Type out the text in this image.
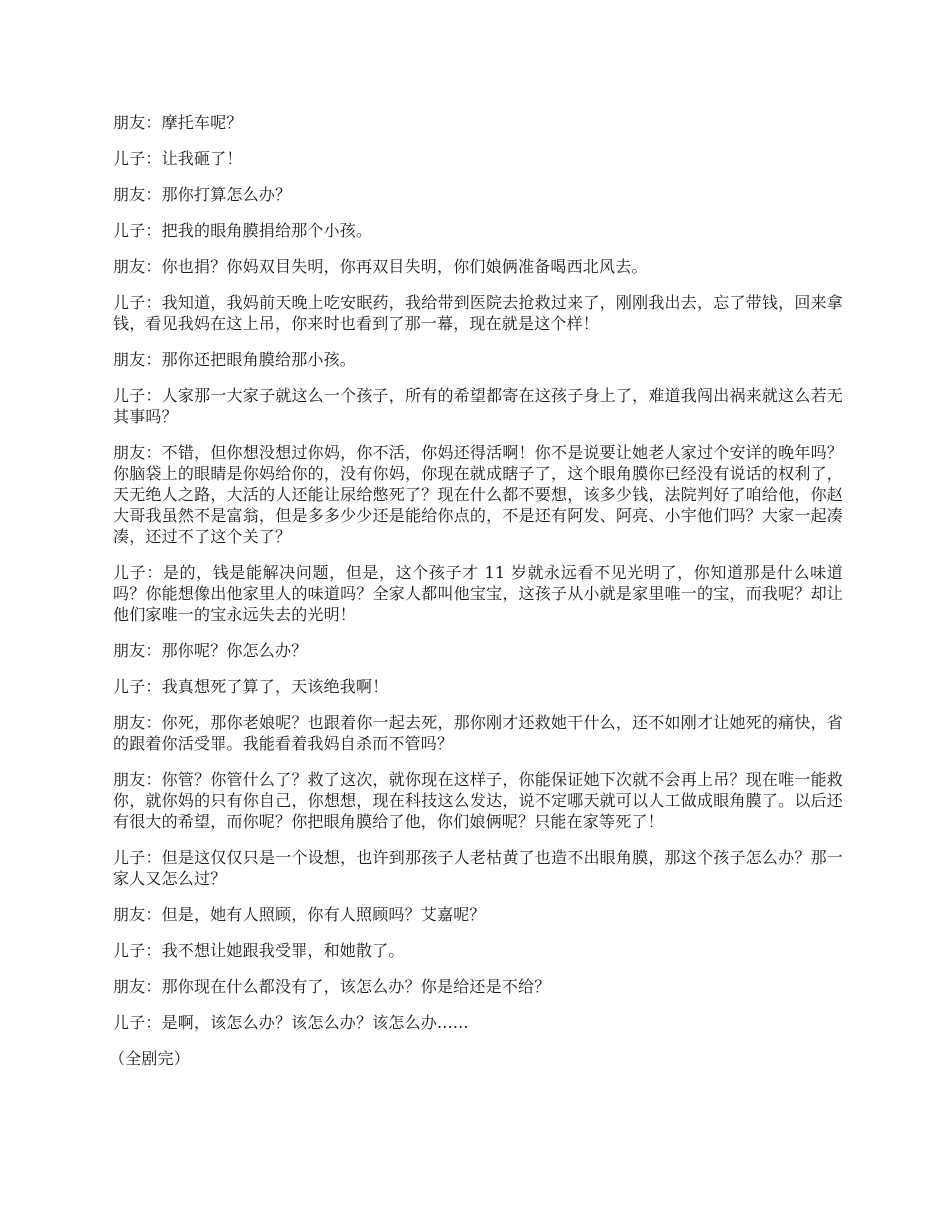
朋友：摩托车呢？

儿子：让我砸了！

朋友：那你打算怎么办？

儿子：把我的眼角膜捐给那个小孩。

朋友：你也捐？你妈双目失明，你再双目失明，你们娘俩准备喝西北风去。

儿子：我知道，我妈前天晚上吃安眠药，我给带到医院去抢救过来了，刚刚我出去，忘了带钱，回来拿钱，看见我妈在这上吊，你来时也看到了那一幕，现在就是这个样！

朋友：那你还把眼角膜给那小孩。

儿子：人家那一大家子就这么一个孩子，所有的希望都寄在这孩子身上了，难道我闯出祸来就这么若无其事吗？

朋友：不错，但你想没想过你妈，你不活，你妈还得活啊！你不是说要让她老人家过个安详的晚年吗？你脑袋上的眼睛是你妈给你的，没有你妈，你现在就成瞎子了，这个眼角膜你已经没有说话的权利了，天无绝人之路，大活的人还能让尿给憋死了？现在什么都不要想，该多少钱，法院判好了咱给他，你赵大哥我虽然不是富翁，但是多多少少还是能给你点的，不是还有阿发、阿亮、小宇他们吗？大家一起凑凑，还过不了这个关了？

儿子：是的，钱是能解决问题，但是，这个孩子才 11 岁就永远看不见光明了，你知道那是什么味道吗？你能想像出他家里人的味道吗？全家人都叫他宝宝，这孩子从小就是家里唯一的宝，而我呢？却让他们家唯一的宝永远失去的光明！

朋友：那你呢？你怎么办？

儿子：我真想死了算了，天该绝我啊！

朋友：你死，那你老娘呢？也跟着你一起去死，那你刚才还救她干什么，还不如刚才让她死的痛快，省的跟着你活受罪。我能看着我妈自杀而不管吗？

朋友：你管？你管什么了？救了这次，就你现在这样子，你能保证她下次就不会再上吊？现在唯一能救你，就你妈的只有你自己，你想想，现在科技这么发达，说不定哪天就可以人工做成眼角膜了。以后还有很大的希望，而你呢？你把眼角膜给了他，你们娘俩呢？只能在家等死了！

儿子：但是这仅仅只是一个设想，也许到那孩子人老枯黄了也造不出眼角膜，那这个孩子怎么办？那一家人又怎么过？

朋友：但是，她有人照顾，你有人照顾吗？艾嘉呢？

儿子：我不想让她跟我受罪，和她散了。

朋友：那你现在什么都没有了，该怎么办？你是给还是不给？

儿子：是啊，该怎么办？该怎么办？该怎么办......

（全剧完）
